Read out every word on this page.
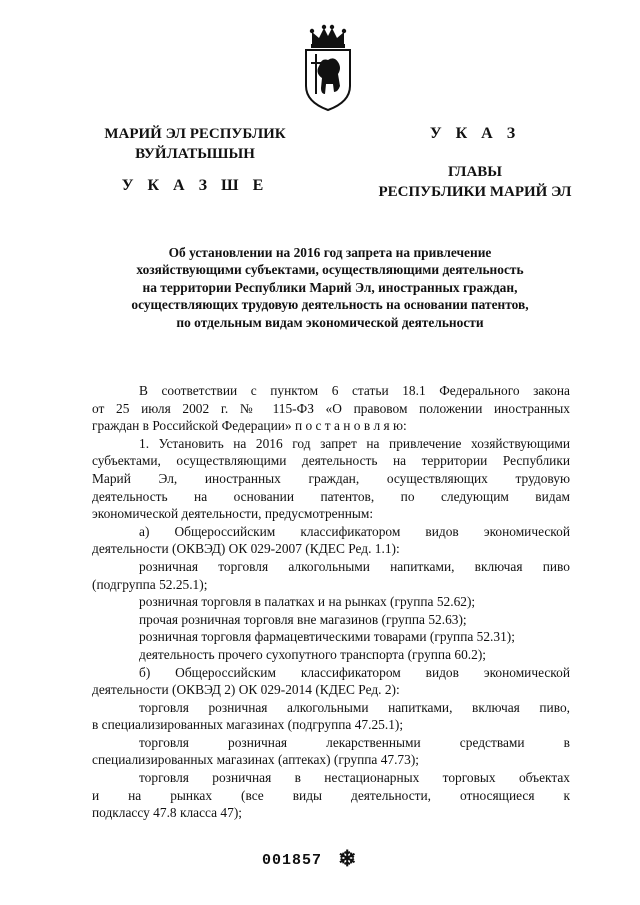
МАРИЙ ЭЛ РЕСПУБЛИК
ВУЙЛАТЫШЫН
У К А З Ш Е
У К А З
ГЛАВЫ
РЕСПУБЛИКИ МАРИЙ ЭЛ
Об установлении на 2016 год запрета на привлечение
хозяйствующими субъектами, осуществляющими деятельность
на территории Республики Марий Эл, иностранных граждан,
осуществляющих трудовую деятельность на основании патентов,
по отдельным видам экономической деятельности
В соответствии с пунктом 6 статьи 18.1 Федерального закона
от 25 июля 2002 г. № 115-ФЗ «О правовом положении иностранных
граждан в Российской Федерации» п о с т а н о в л я ю:
1. Установить на 2016 год запрет на привлечение хозяйствующими
субъектами, осуществляющими деятельность на территории Республики
Марий Эл, иностранных граждан, осуществляющих трудовую
деятельность на основании патентов, по следующим видам
экономической деятельности, предусмотренным:
а) Общероссийским классификатором видов экономической
деятельности (ОКВЭД) ОК 029-2007 (КДЕС Ред. 1.1):
розничная торговля алкогольными напитками, включая пиво
(подгруппа 52.25.1);
розничная торговля в палатках и на рынках (группа 52.62);
прочая розничная торговля вне магазинов (группа 52.63);
розничная торговля фармацевтическими товарами (группа 52.31);
деятельность прочего сухопутного транспорта (группа 60.2);
б) Общероссийским классификатором видов экономической
деятельности (ОКВЭД 2) ОК 029-2014 (КДЕС Ред. 2):
торговля розничная алкогольными напитками, включая пиво,
в специализированных магазинах (подгруппа 47.25.1);
торговля розничная лекарственными средствами в
специализированных магазинах (аптеках) (группа 47.73);
торговля розничная в нестационарных торговых объектах
и на рынках (все виды деятельности, относящиеся к
подклассу 47.8 класса 47);
001857 ❄
